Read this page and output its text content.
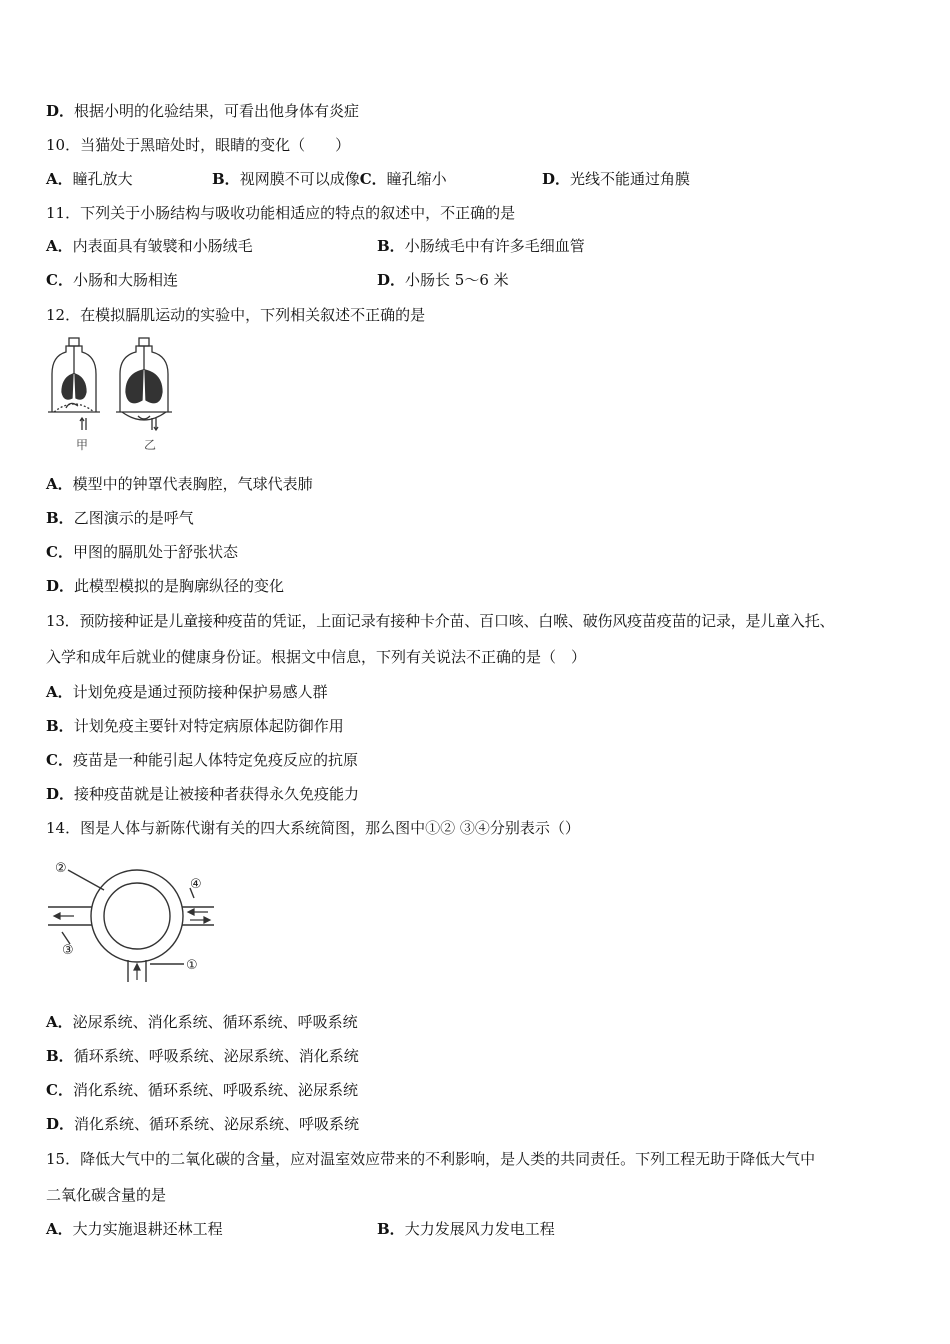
D．根据小明的化验结果，可看出他身体有炎症
10．当猫处于黑暗处时，眼睛的变化（　　）
A．瞳孔放大	B．视网膜不可以成像C．瞳孔缩小	D．光线不能通过角膜
11．下列关于小肠结构与吸收功能相适应的特点的叙述中，不正确的是
A．内表面具有皱襞和小肠绒毛	B．小肠绒毛中有许多毛细血管
C．小肠和大肠相连	D．小肠长 5～6 米
12．在模拟膈肌运动的实验中，下列相关叙述不正确的是
甲	乙
A．模型中的钟罩代表胸腔，气球代表肺
B．乙图演示的是呼气
C．甲图的膈肌处于舒张状态
D．此模型模拟的是胸廓纵径的变化
13．预防接种证是儿童接种疫苗的凭证，上面记录有接种卡介苗、百口咳、白喉、破伤风疫苗疫苗的记录，是儿童入托、
入学和成年后就业的健康身份证。根据文中信息，下列有关说法不正确的是（　）
A．计划免疫是通过预防接种保护易感人群
B．计划免疫主要针对特定病原体起防御作用
C．疫苗是一种能引起人体特定免疫反应的抗原
D．接种疫苗就是让被接种者获得永久免疫能力
14．图是人体与新陈代谢有关的四大系统简图，那么图中①② ③④分别表示（）
②
③
④
①
A．泌尿系统、消化系统、循环系统、呼吸系统
B．循环系统、呼吸系统、泌尿系统、消化系统
C．消化系统、循环系统、呼吸系统、泌尿系统
D．消化系统、循环系统、泌尿系统、呼吸系统
15．降低大气中的二氧化碳的含量，应对温室效应带来的不利影响，是人类的共同责任。下列工程无助于降低大气中
二氧化碳含量的是
A．大力实施退耕还林工程	B．大力发展风力发电工程
